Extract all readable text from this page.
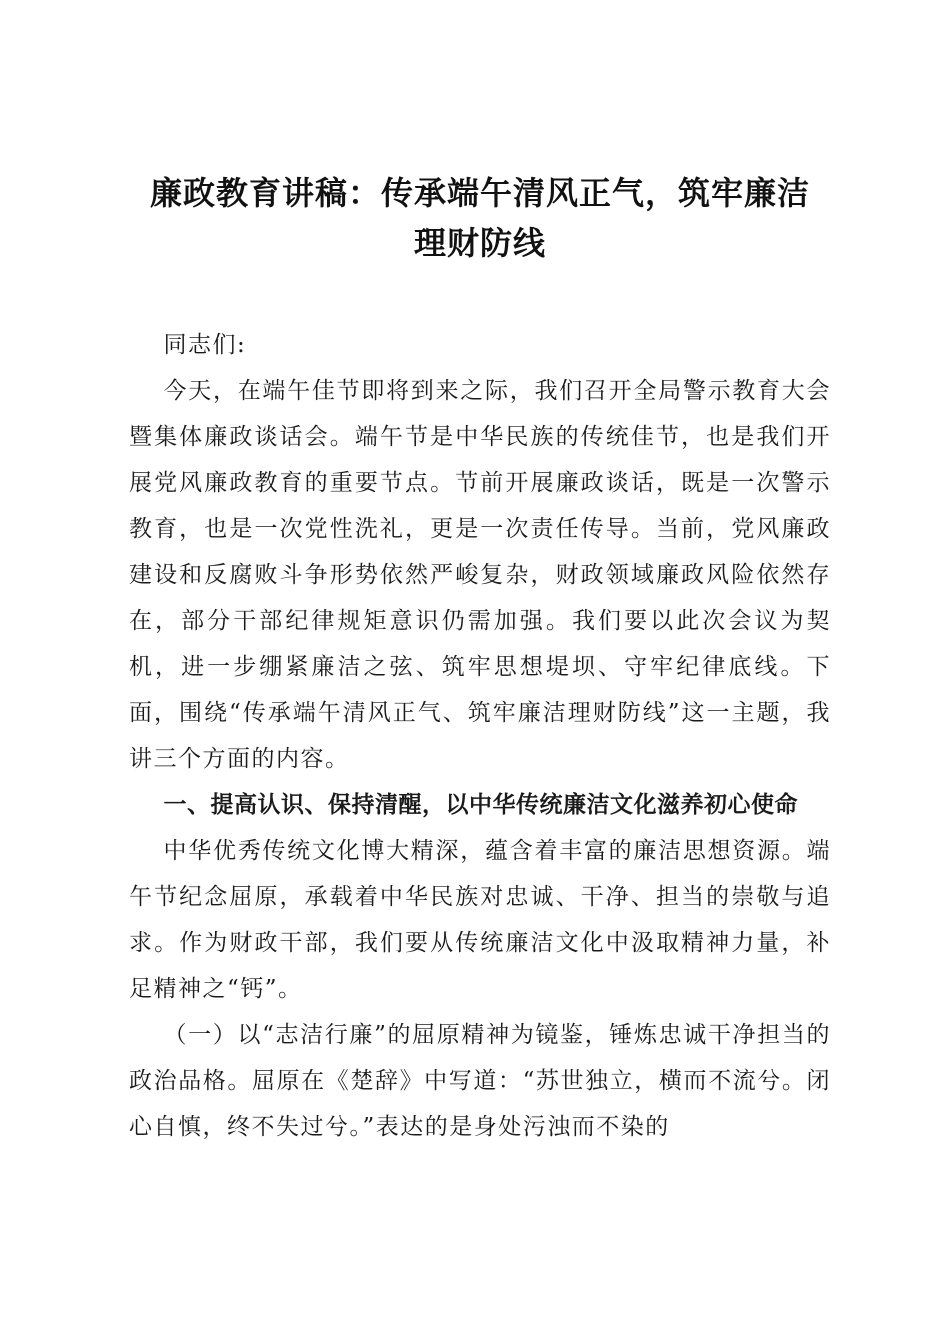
廉政教育讲稿：传承端午清风正气，筑牢廉洁
理财防线

同志们:

今天，在端午佳节即将到来之际，我们召开全局警示教育大会暨集体廉政谈话会。端午节是中华民族的传统佳节，也是我们开展党风廉政教育的重要节点。节前开展廉政谈话，既是一次警示教育，也是一次党性洗礼，更是一次责任传导。当前，党风廉政建设和反腐败斗争形势依然严峻复杂，财政领域廉政风险依然存在，部分干部纪律规矩意识仍需加强。我们要以此次会议为契机，进一步绷紧廉洁之弦、筑牢思想堤坝、守牢纪律底线。下面，围绕“传承端午清风正气、筑牢廉洁理财防线”这一主题，我讲三个方面的内容。

一、提高认识、保持清醒，以中华传统廉洁文化滋养初心使命

中华优秀传统文化博大精深，蕴含着丰富的廉洁思想资源。端午节纪念屈原，承载着中华民族对忠诚、干净、担当的崇敬与追求。作为财政干部，我们要从传统廉洁文化中汲取精神力量，补足精神之“钙”。

（一）以“志洁行廉”的屈原精神为镜鉴，锤炼忠诚干净担当的政治品格。屈原在《楚辞》中写道：“苏世独立，横而不流兮。闭心自慎，终不失过兮。”表达的是身处污浊而不染的
